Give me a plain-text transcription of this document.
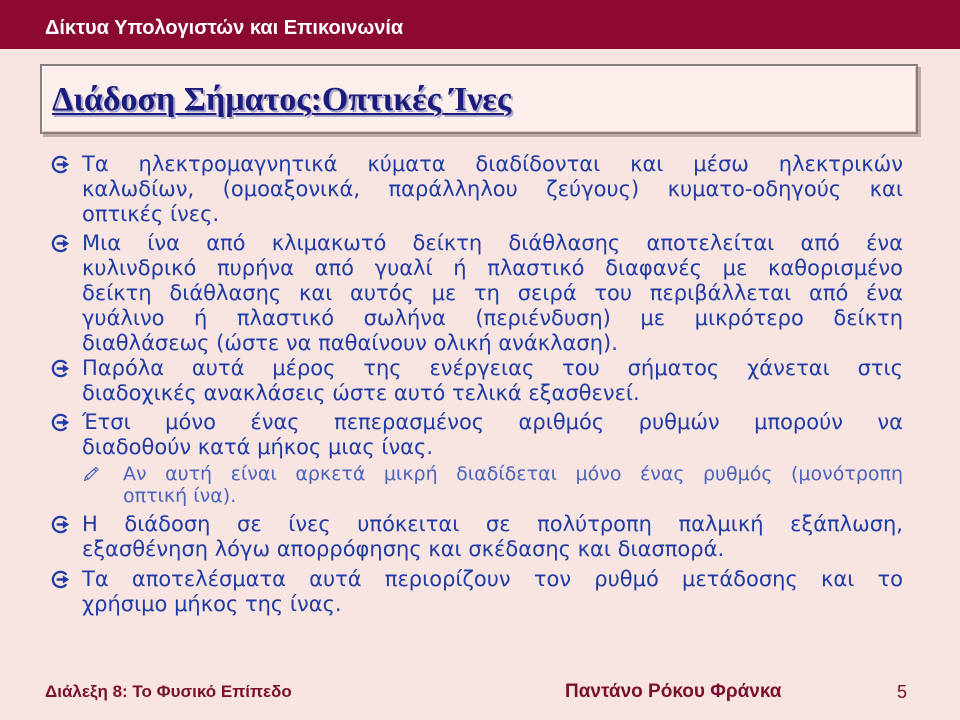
Δίκτυα Υπολογιστών και Επικοινωνία
Διάδοση Σήματος:Οπτικές Ίνες
Τα ηλεκτρομαγνητικά κύματα διαδίδονται και μέσω ηλεκτρικών
καλωδίων, (ομοαξονικά, παράλληλου ζεύγους) κυματο-οδηγούς και
οπτικές ίνες.
Μια ίνα από κλιμακωτό δείκτη διάθλασης αποτελείται από ένα
κυλινδρικό πυρήνα από γυαλί ή πλαστικό διαφανές με καθορισμένο
δείκτη διάθλασης και αυτός με τη σειρά του περιβάλλεται από ένα
γυάλινο ή πλαστικό σωλήνα (περιένδυση) με μικρότερο δείκτη
διαθλάσεως (ώστε να παθαίνουν ολική ανάκλαση).
Παρόλα αυτά μέρος της ενέργειας του σήματος χάνεται στις
διαδοχικές ανακλάσεις ώστε αυτό τελικά εξασθενεί.
Έτσι μόνο ένας πεπερασμένος αριθμός ρυθμών μπορούν να
διαδοθούν κατά μήκος μιας ίνας.
Αν αυτή είναι αρκετά μικρή διαδίδεται μόνο ένας ρυθμός (μονότροπη
οπτική ίνα).
Η διάδοση σε ίνες υπόκειται σε πολύτροπη παλμική εξάπλωση,
εξασθένηση λόγω απορρόφησης και σκέδασης και διασπορά.
Τα αποτελέσματα αυτά περιορίζουν τον ρυθμό μετάδοσης και το
χρήσιμο μήκος της ίνας.
Διάλεξη 8: Το Φυσικό Επίπεδο	Παντάνο Ρόκου Φράνκα	5
